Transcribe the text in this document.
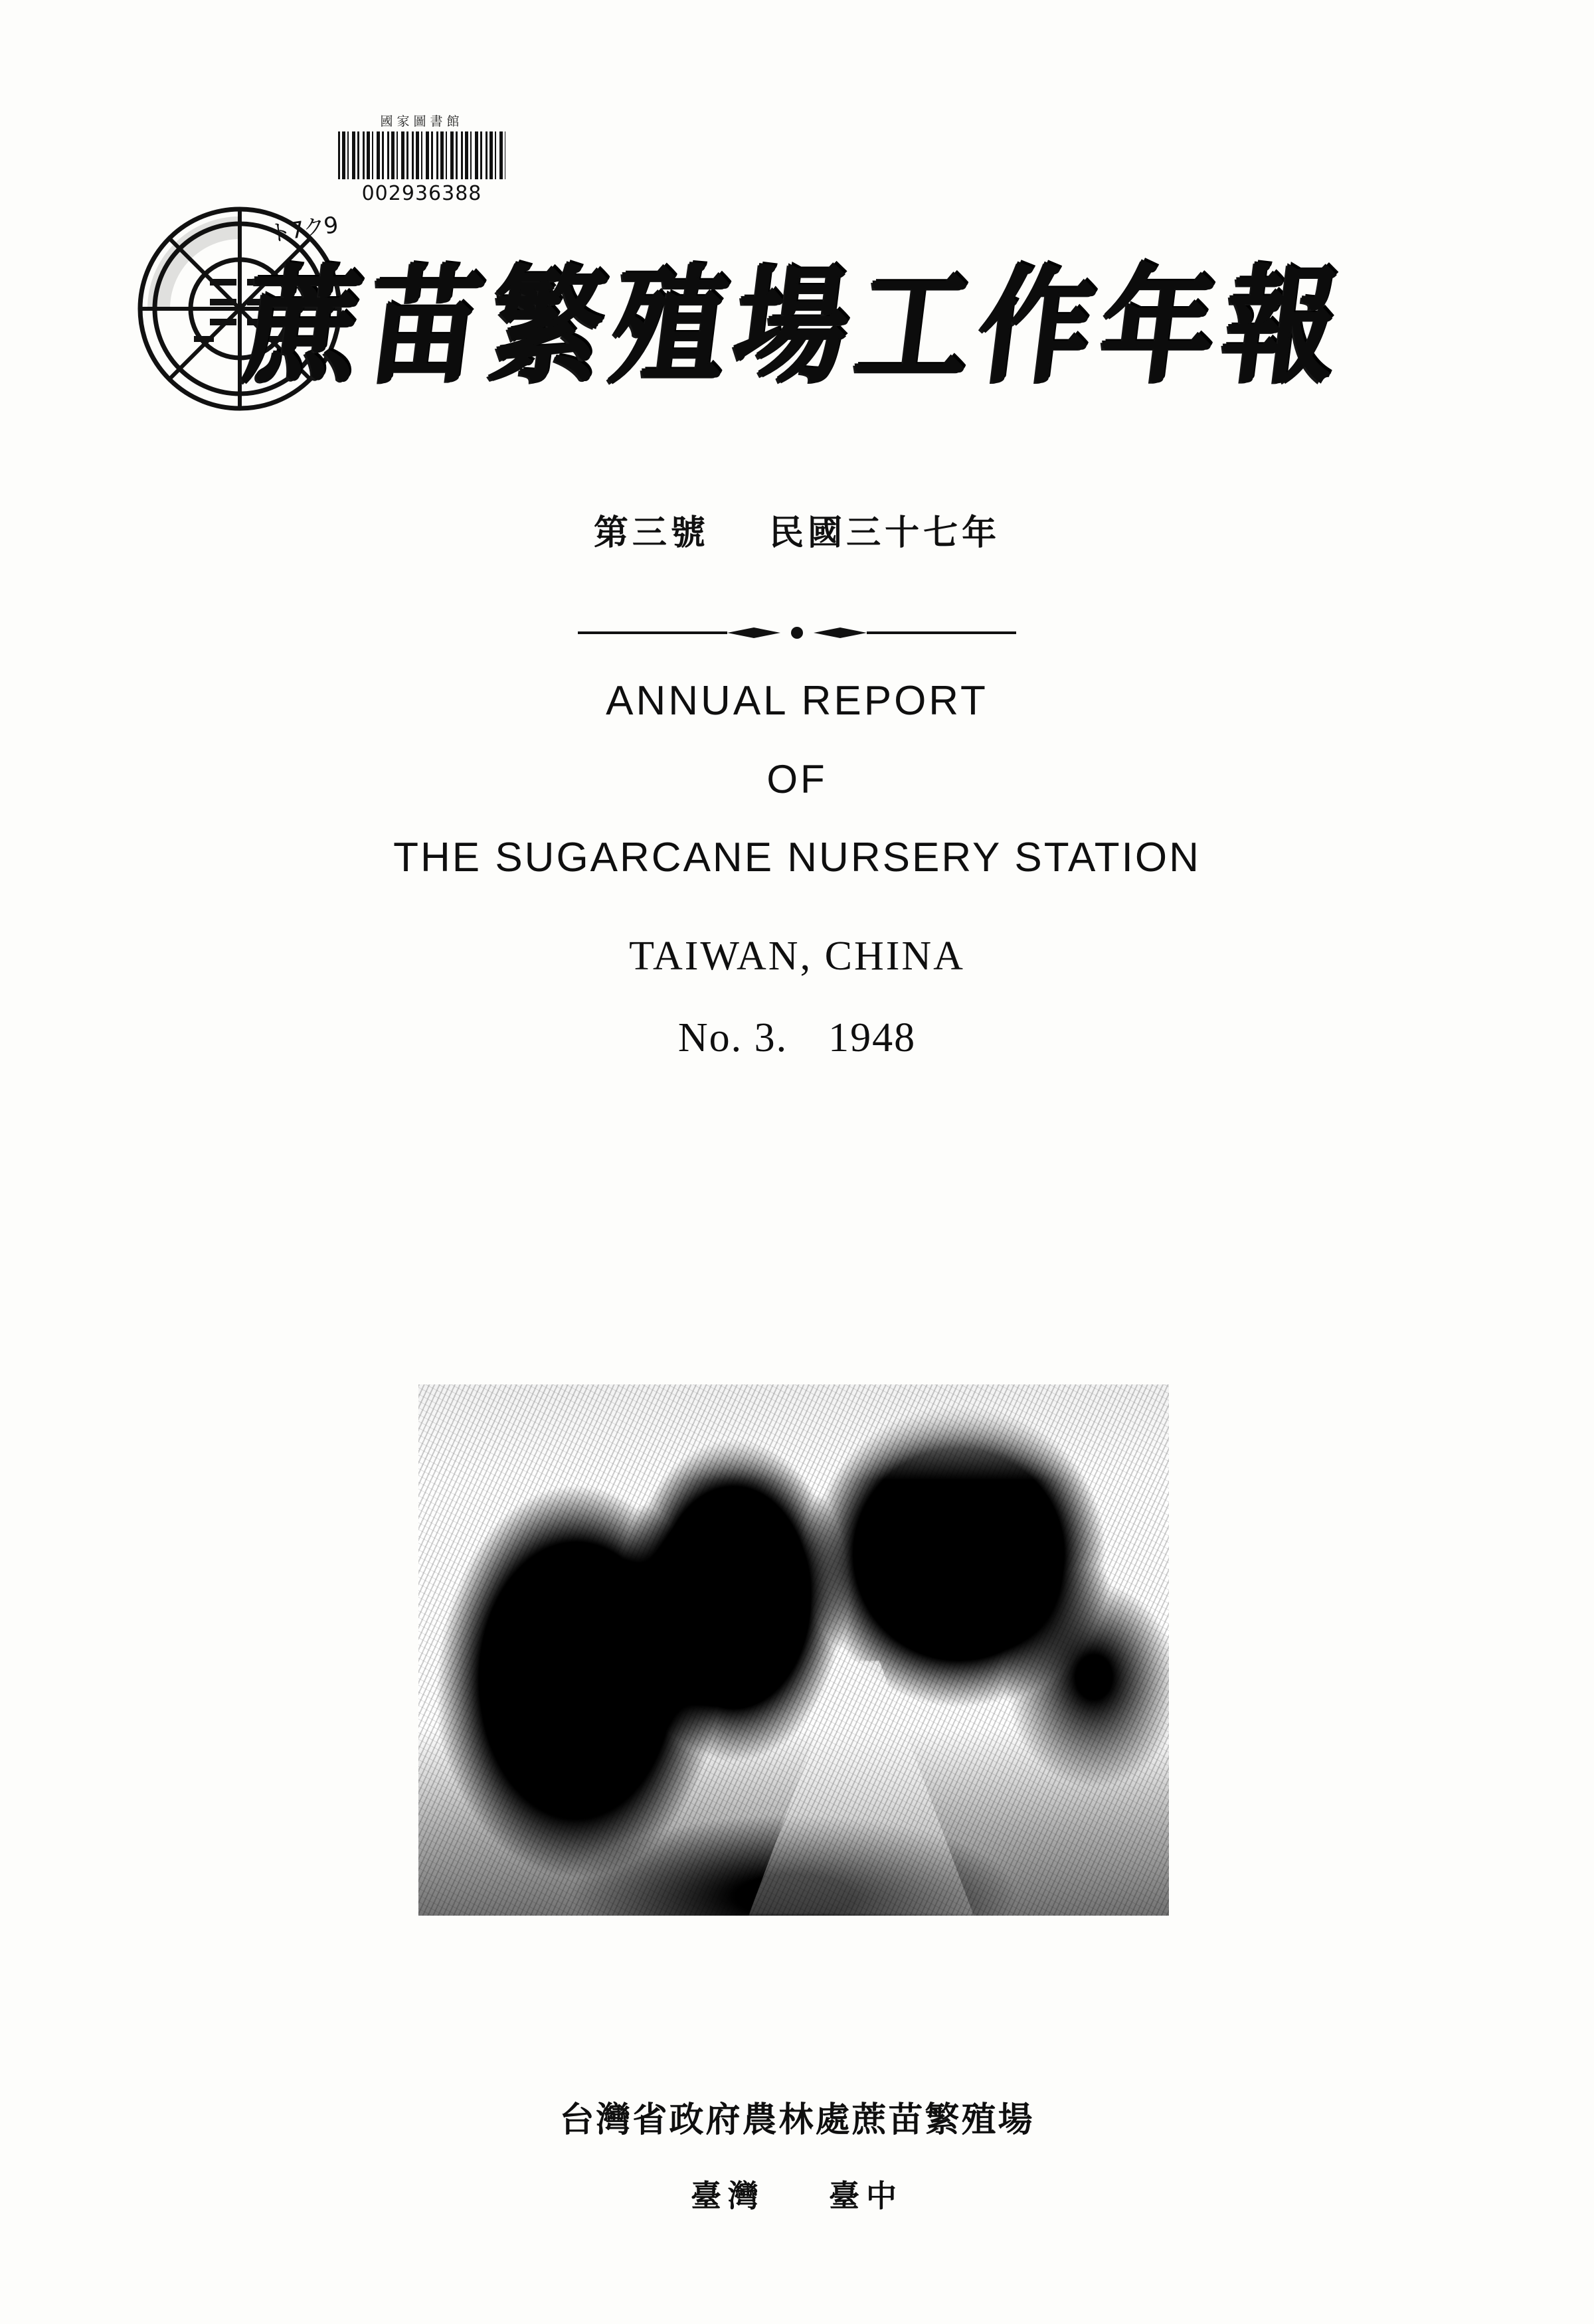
國家圖書館
002936388
ト7ク9
蔗苗繁殖場工作年報
第三號 民國三十七年
ANNUAL REPORT
OF
THE SUGARCANE NURSERY STATION
TAIWAN, CHINA
No. 3. 1948
台灣省政府農林處蔗苗繁殖場
臺灣 臺中
